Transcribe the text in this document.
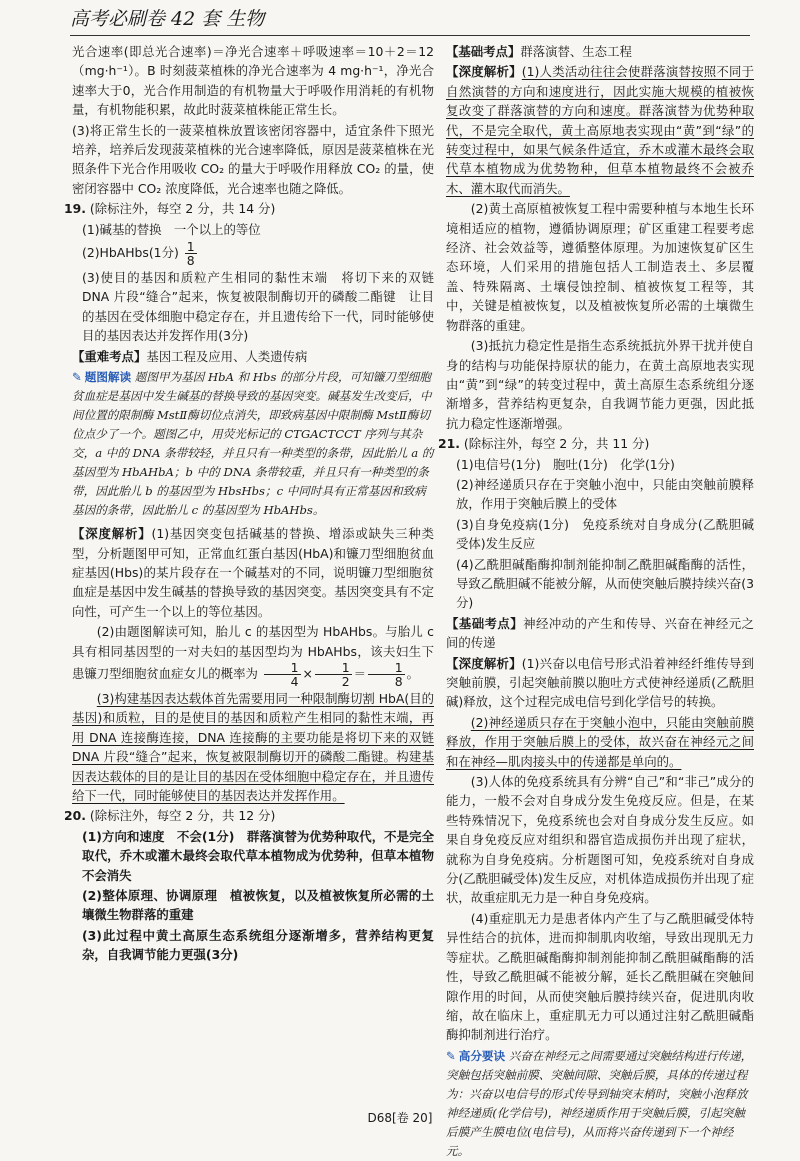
高考必刷卷 42 套 生物

光合速率(即总光合速率)＝净光合速率＋呼吸速率＝10＋2＝12（mg·h⁻¹）。B 时刻菠菜植株的净光合速率为 4 mg·h⁻¹，净光合速率大于0，光合作用制造的有机物量大于呼吸作用消耗的有机物量，有机物能积累，故此时菠菜植株能正常生长。

(3)将正常生长的一菠菜植株放置该密闭容器中，适宜条件下照光培养，培养后发现菠菜植株的光合速率降低，原因是菠菜植株在光照条件下光合作用吸收 CO₂ 的量大于呼吸作用释放 CO₂ 的量，使密闭容器中 CO₂ 浓度降低，光合速率也随之降低。

19. (除标注外，每空 2 分，共 14 分)

(1)碱基的替换　一个以上的等位

(2)HbAHbs(1分) $\frac{1}{8}$

(3)使目的基因和质粒产生相同的黏性末端　将切下来的双链 DNA 片段“缝合”起来，恢复被限制酶切开的磷酸二酯键　让目的基因在受体细胞中稳定存在，并且遗传给下一代，同时能够使目的基因表达并发挥作用(3分)

【重难考点】基因工程及应用、人类遗传病

✎ 题图解读 题图甲为基因 HbA 和 Hbs 的部分片段，可知镰刀型细胞贫血症是基因中发生碱基的替换导致的基因突变。碱基发生改变后，中间位置的限制酶 MstⅡ酶切位点消失，即致病基因中限制酶 MstⅡ酶切位点少了一个。题图乙中，用荧光标记的 CTGACTCCT 序列与其杂交，a 中的 DNA 条带较轻，并且只有一种类型的条带，因此胎儿 a 的基因型为 HbAHbA；b 中的 DNA 条带较重，并且只有一种类型的条带，因此胎儿 b 的基因型为 HbsHbs；c 中同时具有正常基因和致病基因的条带，因此胎儿 c 的基因型为 HbAHbs。

【深度解析】(1)基因突变包括碱基的替换、增添或缺失三种类型，分析题图甲可知，正常血红蛋白基因(HbA)和镰刀型细胞贫血症基因(Hbs)的某片段存在一个碱基对的不同，说明镰刀型细胞贫血症是基因中发生碱基的替换导致的基因突变。基因突变具有不定向性，可产生一个以上的等位基因。

(2)由题图解读可知，胎儿 c 的基因型为 HbAHbs。与胎儿 c 具有相同基因型的一对夫妇的基因型均为 HbAHbs，该夫妇生下患镰刀型细胞贫血症女儿的概率为 $\frac{1}{4} \times \frac{1}{2} = \frac{1}{8}$ 。

(3)构建基因表达载体首先需要用同一种限制酶切割 HbA(目的基因)和质粒，目的是使目的基因和质粒产生相同的黏性末端，再用 DNA 连接酶连接，DNA 连接酶的主要功能是将切下来的双链 DNA 片段“缝合”起来，恢复被限制酶切开的磷酸二酯键。构建基因表达载体的目的是让目的基因在受体细胞中稳定存在，并且遗传给下一代，同时能够使目的基因表达并发挥作用。

20. (除标注外，每空 2 分，共 12 分)

(1)方向和速度　不会(1分)　群落演替为优势种取代，不是完全取代，乔木或灌木最终会取代草本植物成为优势种，但草本植物不会消失

(2)整体原理、协调原理　植被恢复，以及植被恢复所必需的土壤微生物群落的重建

(3)此过程中黄土高原生态系统组分逐渐增多，营养结构更复杂，自我调节能力更强(3分)

【基础考点】群落演替、生态工程

【深度解析】(1)人类活动往往会使群落演替按照不同于自然演替的方向和速度进行，因此实施大规模的植被恢复改变了群落演替的方向和速度。群落演替为优势种取代，不是完全取代，黄土高原地表实现由“黄”到“绿”的转变过程中，如果气候条件适宜，乔木或灌木最终会取代草本植物成为优势物种，但草本植物最终不会被乔木、灌木取代而消失。

(2)黄土高原植被恢复工程中需要种植与本地生长环境相适应的植物，遵循协调原理；矿区重建工程要考虑经济、社会效益等，遵循整体原理。为加速恢复矿区生态环境，人们采用的措施包括人工制造表土、多层覆盖、特殊隔离、土壤侵蚀控制、植被恢复工程等，其中，关键是植被恢复，以及植被恢复所必需的土壤微生物群落的重建。

(3)抵抗力稳定性是指生态系统抵抗外界干扰并使自身的结构与功能保持原状的能力，在黄土高原地表实现由“黄”到“绿”的转变过程中，黄土高原生态系统组分逐渐增多，营养结构更复杂，自我调节能力更强，因此抵抗力稳定性逐渐增强。

21. (除标注外，每空 2 分，共 11 分)

(1)电信号(1分)　胞吐(1分)　化学(1分)

(2)神经递质只存在于突触小泡中，只能由突触前膜释放，作用于突触后膜上的受体

(3)自身免疫病(1分)　免疫系统对自身成分(乙酰胆碱受体)发生反应

(4)乙酰胆碱酯酶抑制剂能抑制乙酰胆碱酯酶的活性，导致乙酰胆碱不能被分解，从而使突触后膜持续兴奋(3分)

【基础考点】神经冲动的产生和传导、兴奋在神经元之间的传递

【深度解析】(1)兴奋以电信号形式沿着神经纤维传导到突触前膜，引起突触前膜以胞吐方式使神经递质(乙酰胆碱)释放，这个过程完成电信号到化学信号的转换。

(2)神经递质只存在于突触小泡中，只能由突触前膜释放，作用于突触后膜上的受体，故兴奋在神经元之间和在神经—肌肉接头中的传递都是单向的。

(3)人体的免疫系统具有分辨“自己”和“非己”成分的能力，一般不会对自身成分发生免疫反应。但是，在某些特殊情况下，免疫系统也会对自身成分发生反应。如果自身免疫反应对组织和器官造成损伤并出现了症状，就称为自身免疫病。分析题图可知，免疫系统对自身成分(乙酰胆碱受体)发生反应，对机体造成损伤并出现了症状，故重症肌无力是一种自身免疫病。

(4)重症肌无力是患者体内产生了与乙酰胆碱受体特异性结合的抗体，进而抑制肌肉收缩，导致出现肌无力等症状。乙酰胆碱酯酶抑制剂能抑制乙酰胆碱酯酶的活性，导致乙酰胆碱不能被分解，延长乙酰胆碱在突触间隙作用的时间，从而使突触后膜持续兴奋，促进肌肉收缩，故在临床上，重症肌无力可以通过注射乙酰胆碱酯酶抑制剂进行治疗。

✎ 高分要诀 兴奋在神经元之间需要通过突触结构进行传递，突触包括突触前膜、突触间隙、突触后膜，具体的传递过程为：兴奋以电信号的形式传导到轴突末梢时，突触小泡释放神经递质(化学信号)，神经递质作用于突触后膜，引起突触后膜产生膜电位(电信号)，从而将兴奋传递到下一个神经元。
D68[卷 20]
